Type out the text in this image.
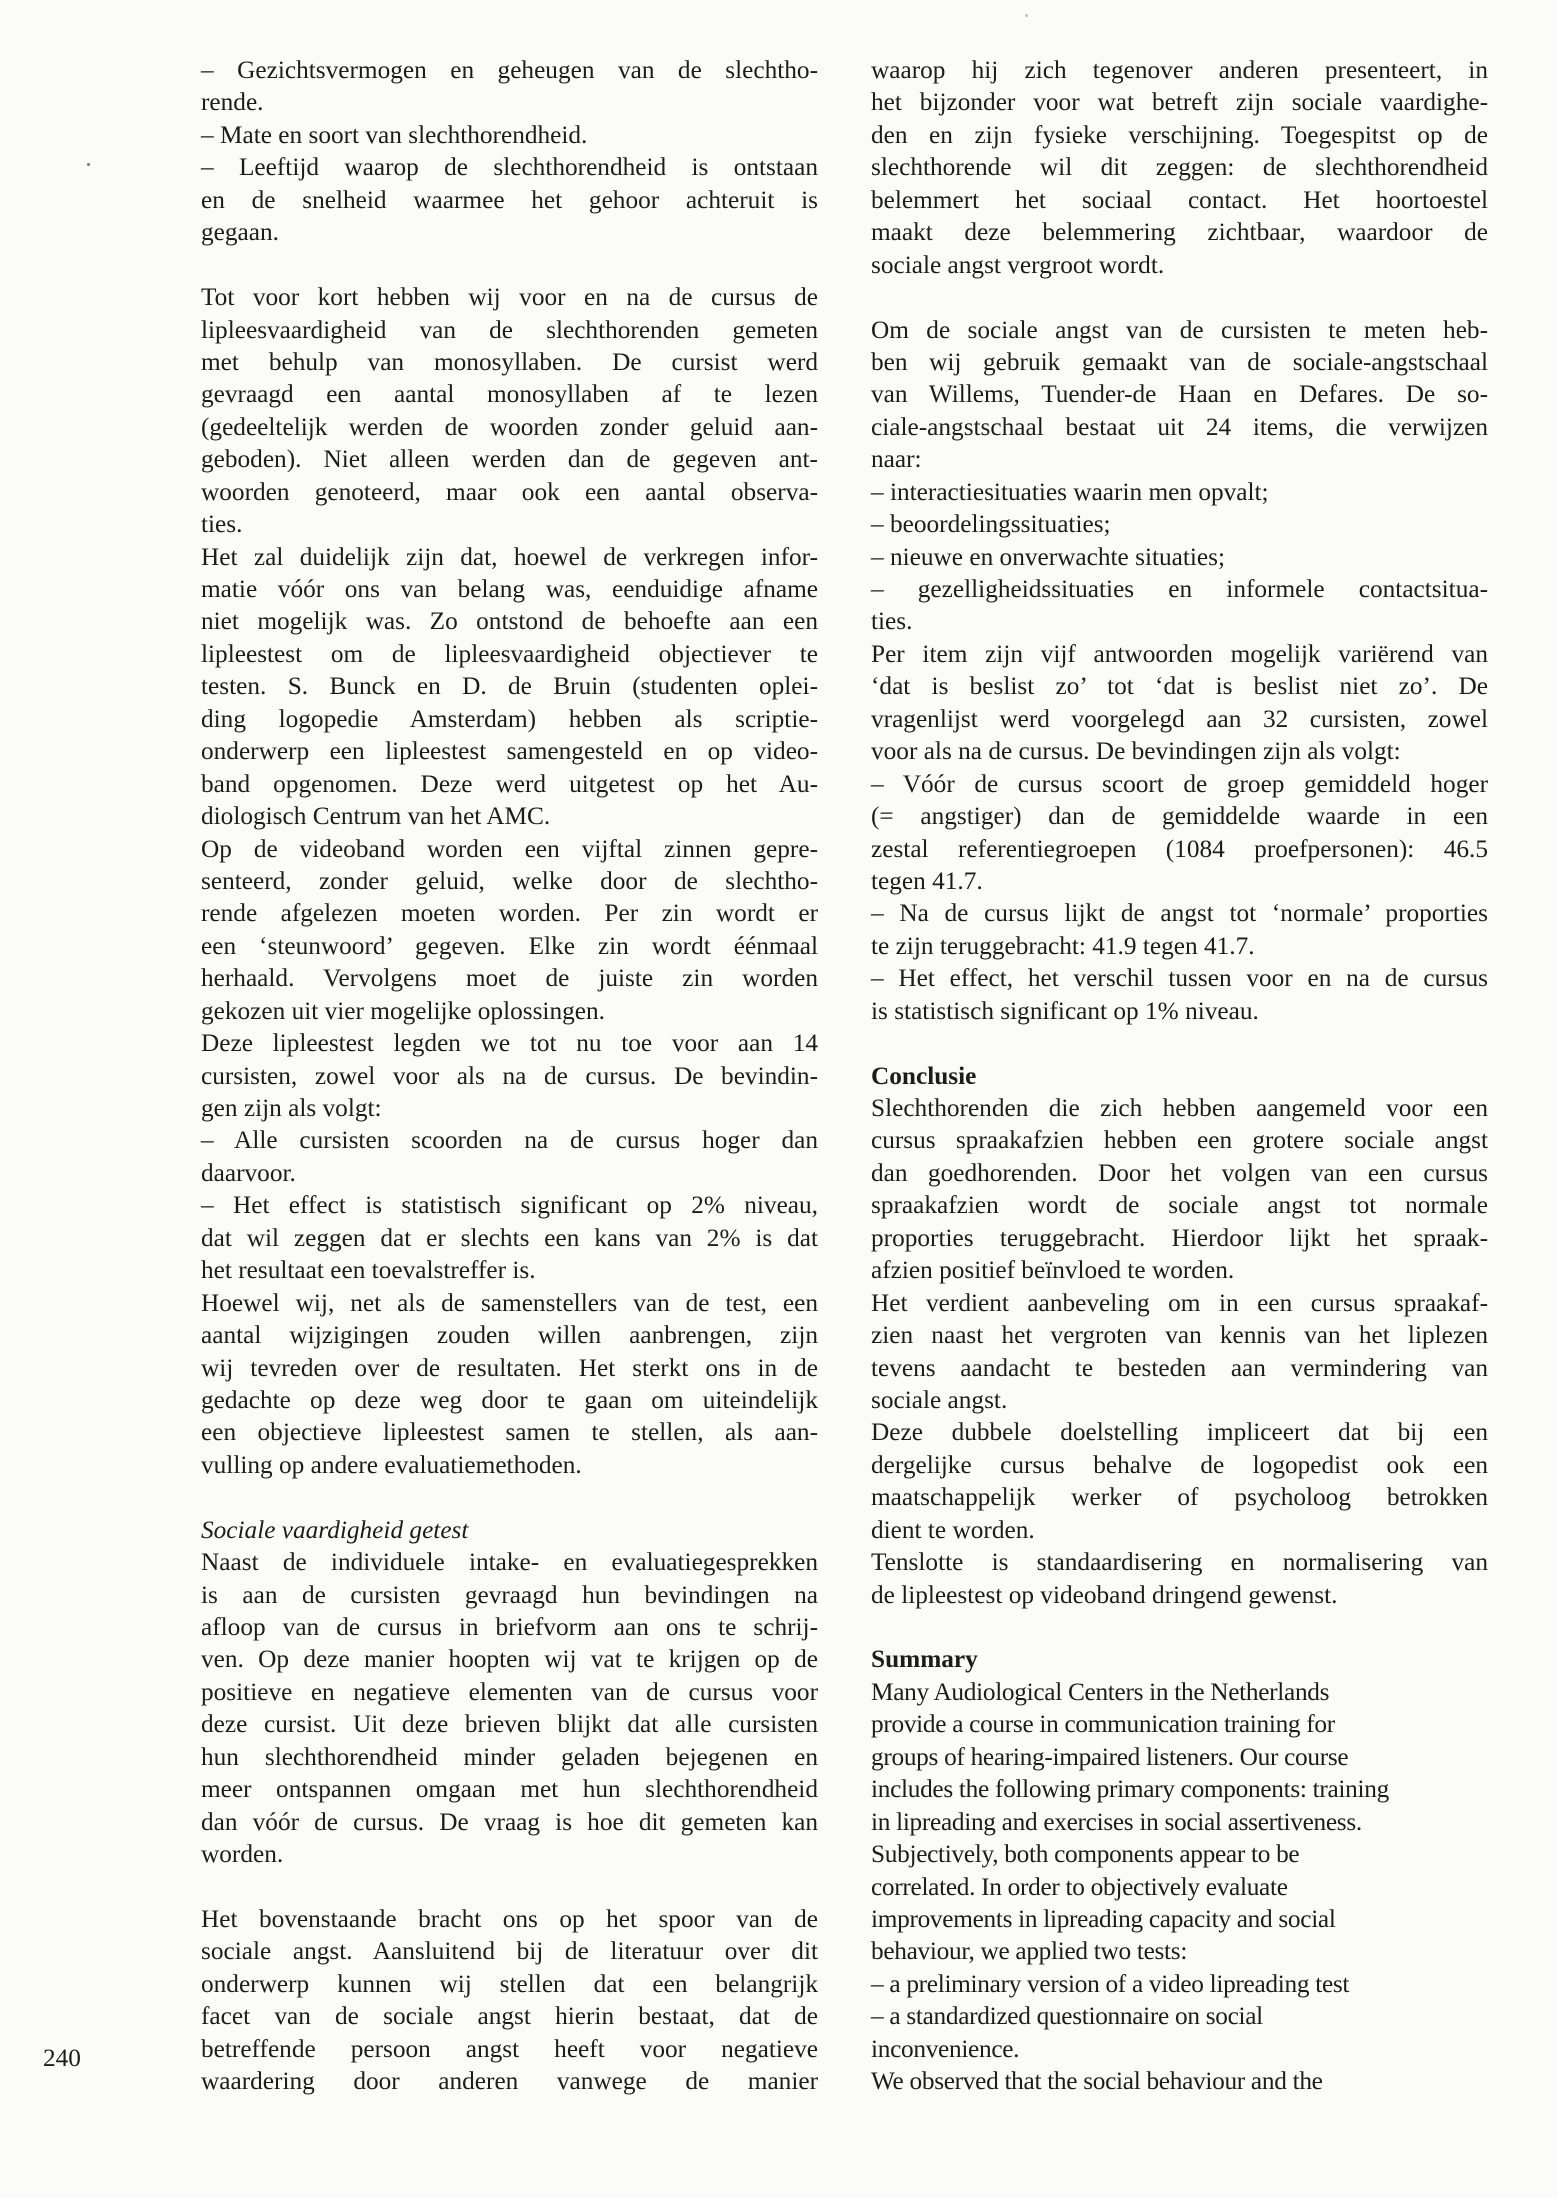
– Gezichtsvermogen en geheugen van de slechtho-
rende.
– Mate en soort van slechthorendheid.
– Leeftijd waarop de slechthorendheid is ontstaan
en de snelheid waarmee het gehoor achteruit is
gegaan.
Tot voor kort hebben wij voor en na de cursus de
lipleesvaardigheid van de slechthorenden gemeten
met behulp van monosyllaben. De cursist werd
gevraagd een aantal monosyllaben af te lezen
(gedeeltelijk werden de woorden zonder geluid aan-
geboden). Niet alleen werden dan de gegeven ant-
woorden genoteerd, maar ook een aantal observa-
ties.
Het zal duidelijk zijn dat, hoewel de verkregen infor-
matie vóór ons van belang was, eenduidige afname
niet mogelijk was. Zo ontstond de behoefte aan een
lipleestest om de lipleesvaardigheid objectiever te
testen. S. Bunck en D. de Bruin (studenten oplei-
ding logopedie Amsterdam) hebben als scriptie-
onderwerp een lipleestest samengesteld en op video-
band opgenomen. Deze werd uitgetest op het Au-
diologisch Centrum van het AMC.
Op de videoband worden een vijftal zinnen gepre-
senteerd, zonder geluid, welke door de slechtho-
rende afgelezen moeten worden. Per zin wordt er
een ‘steunwoord’ gegeven. Elke zin wordt éénmaal
herhaald. Vervolgens moet de juiste zin worden
gekozen uit vier mogelijke oplossingen.
Deze lipleestest legden we tot nu toe voor aan 14
cursisten, zowel voor als na de cursus. De bevindin-
gen zijn als volgt:
– Alle cursisten scoorden na de cursus hoger dan
daarvoor.
– Het effect is statistisch significant op 2% niveau,
dat wil zeggen dat er slechts een kans van 2% is dat
het resultaat een toevalstreffer is.
Hoewel wij, net als de samenstellers van de test, een
aantal wijzigingen zouden willen aanbrengen, zijn
wij tevreden over de resultaten. Het sterkt ons in de
gedachte op deze weg door te gaan om uiteindelijk
een objectieve lipleestest samen te stellen, als aan-
vulling op andere evaluatiemethoden.
Sociale vaardigheid getest
Naast de individuele intake- en evaluatiegesprekken
is aan de cursisten gevraagd hun bevindingen na
afloop van de cursus in briefvorm aan ons te schrij-
ven. Op deze manier hoopten wij vat te krijgen op de
positieve en negatieve elementen van de cursus voor
deze cursist. Uit deze brieven blijkt dat alle cursisten
hun slechthorendheid minder geladen bejegenen en
meer ontspannen omgaan met hun slechthorendheid
dan vóór de cursus. De vraag is hoe dit gemeten kan
worden.
Het bovenstaande bracht ons op het spoor van de
sociale angst. Aansluitend bij de literatuur over dit
onderwerp kunnen wij stellen dat een belangrijk
facet van de sociale angst hierin bestaat, dat de
betreffende persoon angst heeft voor negatieve
waardering door anderen vanwege de manier
waarop hij zich tegenover anderen presenteert, in
het bijzonder voor wat betreft zijn sociale vaardighe-
den en zijn fysieke verschijning. Toegespitst op de
slechthorende wil dit zeggen: de slechthorendheid
belemmert het sociaal contact. Het hoortoestel
maakt deze belemmering zichtbaar, waardoor de
sociale angst vergroot wordt.
Om de sociale angst van de cursisten te meten heb-
ben wij gebruik gemaakt van de sociale-angstschaal
van Willems, Tuender-de Haan en Defares. De so-
ciale-angstschaal bestaat uit 24 items, die verwijzen
naar:
– interactiesituaties waarin men opvalt;
– beoordelingssituaties;
– nieuwe en onverwachte situaties;
– gezelligheidssituaties en informele contactsitua-
ties.
Per item zijn vijf antwoorden mogelijk variërend van
‘dat is beslist zo’ tot ‘dat is beslist niet zo’. De
vragenlijst werd voorgelegd aan 32 cursisten, zowel
voor als na de cursus. De bevindingen zijn als volgt:
– Vóór de cursus scoort de groep gemiddeld hoger
(= angstiger) dan de gemiddelde waarde in een
zestal referentiegroepen (1084 proefpersonen): 46.5
tegen 41.7.
– Na de cursus lijkt de angst tot ‘normale’ proporties
te zijn teruggebracht: 41.9 tegen 41.7.
– Het effect, het verschil tussen voor en na de cursus
is statistisch significant op 1% niveau.
Conclusie
Slechthorenden die zich hebben aangemeld voor een
cursus spraakafzien hebben een grotere sociale angst
dan goedhorenden. Door het volgen van een cursus
spraakafzien wordt de sociale angst tot normale
proporties teruggebracht. Hierdoor lijkt het spraak-
afzien positief beïnvloed te worden.
Het verdient aanbeveling om in een cursus spraakaf-
zien naast het vergroten van kennis van het liplezen
tevens aandacht te besteden aan vermindering van
sociale angst.
Deze dubbele doelstelling impliceert dat bij een
dergelijke cursus behalve de logopedist ook een
maatschappelijk werker of psycholoog betrokken
dient te worden.
Tenslotte is standaardisering en normalisering van
de lipleestest op videoband dringend gewenst.
Summary
Many Audiological Centers in the Netherlands
provide a course in communication training for
groups of hearing-impaired listeners. Our course
includes the following primary components: training
in lipreading and exercises in social assertiveness.
Subjectively, both components appear to be
correlated. In order to objectively evaluate
improvements in lipreading capacity and social
behaviour, we applied two tests:
– a preliminary version of a video lipreading test
– a standardized questionnaire on social
inconvenience.
We observed that the social behaviour and the
240
